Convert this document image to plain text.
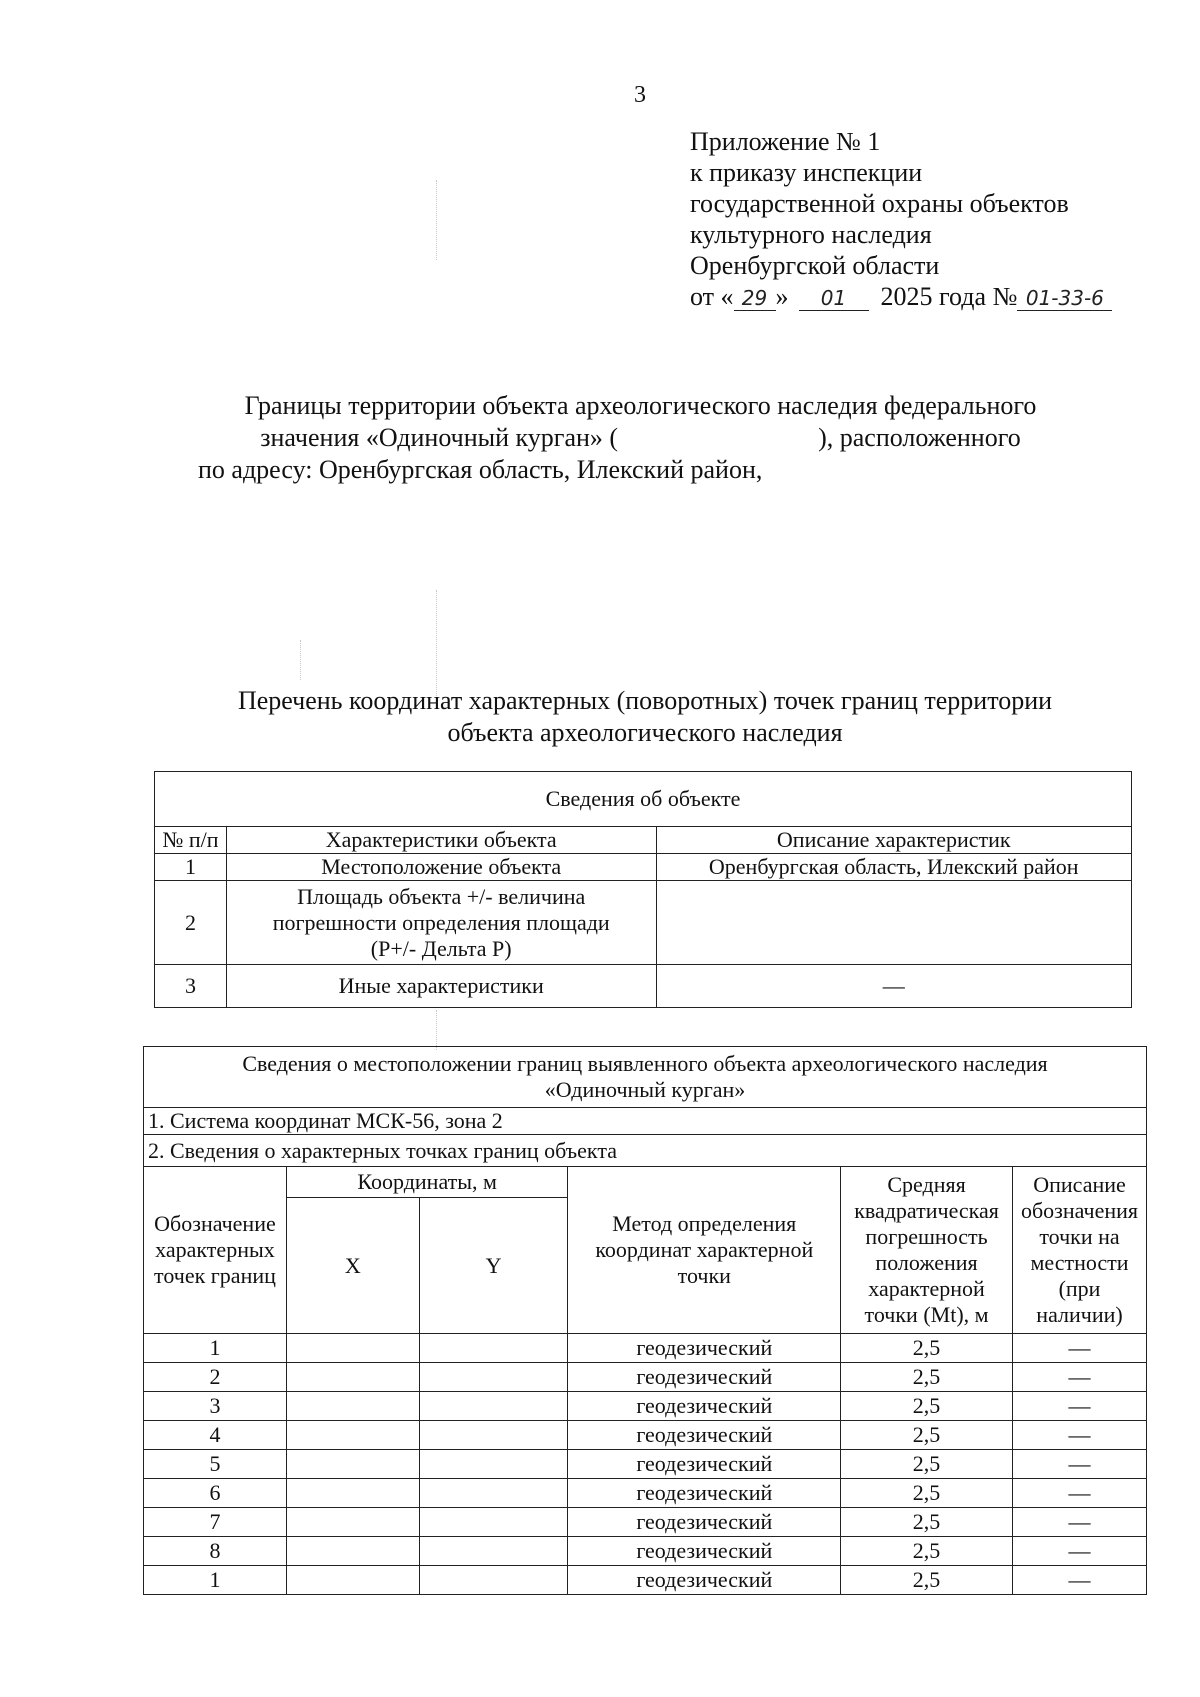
3
Приложение № 1
к приказу инспекции
государственной охраны объектов
культурного наследия
Оренбургской области
от « 29 » 01 2025 года № 01-33-6
Границы территории объекта археологического наследия федерального
значения «Одиночный курган» (	), расположенного
по адресу: Оренбургская область, Илекский район,
Перечень координат характерных (поворотных) точек границ территории
объекта археологического наследия
Сведения об объекте		
№ п/п	Характеристики объекта	Описание характеристик
1	Местоположение объекта	Оренбургская область, Илекский район
2	Площадь объекта +/- величина погрешности определения площади (Р+/- Дельта Р)	
3	Иные характеристики	—
Сведения о местоположении границ выявленного объекта археологического наследия «Одиночный курган»					
1. Система координат МСК-56, зона 2					
2. Сведения о характерных точках границ объекта					
Обозначение характерных точек границ	Координаты, м		Метод определения координат характерной точки	Средняя квадратическая погрешность положения характерной точки (Mt), м	Описание обозначения точки на местности (при наличии)
	X	Y			
1			геодезический	2,5	—
2			геодезический	2,5	—
3			геодезический	2,5	—
4			геодезический	2,5	—
5			геодезический	2,5	—
6			геодезический	2,5	—
7			геодезический	2,5	—
8			геодезический	2,5	—
1			геодезический	2,5	—
